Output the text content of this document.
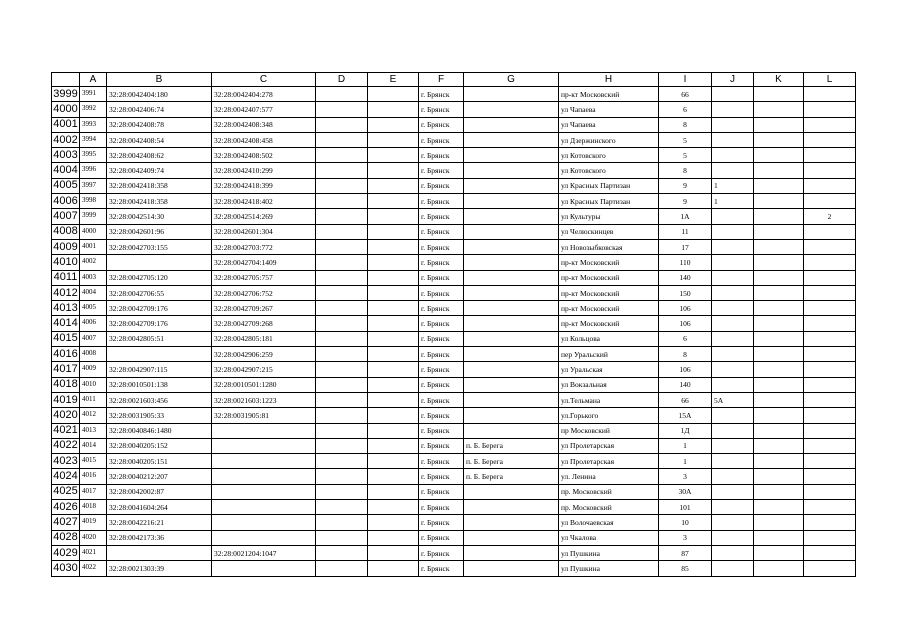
	A	B	C	D	E	F	G	H	I	J	K	L
3999	3991	32:28:0042404:180	32:28:0042404:278			г. Брянск		пр-кт Московский	66			
4000	3992	32:28:0042406:74	32:28:0042407:577			г. Брянск		ул Чапаева	6			
4001	3993	32:28:0042408:78	32:28:0042408:348			г. Брянск		ул Чапаева	8			
4002	3994	32:28:0042408:54	32:28:0042408:458			г. Брянск		ул Дзержинского	5			
4003	3995	32:28:0042408:62	32:28:0042408:502			г. Брянск		ул Котовского	5			
4004	3996	32:28:0042409:74	32:28:0042410:299			г. Брянск		ул Котовского	8			
4005	3997	32:28:0042418:358	32:28:0042418:399			г. Брянск		ул Красных Партизан	9	1		
4006	3998	32:28:0042418:358	32:28:0042418:402			г. Брянск		ул Красных Партизан	9	1		
4007	3999	32:28:0042514:30	32:28:0042514:269			г. Брянск		ул Культуры	1А			2
4008	4000	32:28:0042601:96	32:28:0042601:304			г. Брянск		ул Челюскинцев	11			
4009	4001	32:28:0042703:155	32:28:0042703:772			г. Брянск		ул Новозыбковская	17			
4010	4002		32:28:0042704:1409			г. Брянск		пр-кт Московский	110			
4011	4003	32:28:0042705:120	32:28:0042705:757			г. Брянск		пр-кт Московский	140			
4012	4004	32:28:0042706:55	32:28:0042706:752			г. Брянск		пр-кт Московский	150			
4013	4005	32:28:0042709:176	32:28:0042709:267			г. Брянск		пр-кт Московский	106			
4014	4006	32:28:0042709:176	32:28:0042709:268			г. Брянск		пр-кт Московский	106			
4015	4007	32:28:0042805:51	32:28:0042805:181			г. Брянск		ул Кольцова	6			
4016	4008		32:28:0042906:259			г. Брянск		пер Уральский	8			
4017	4009	32:28:0042907:115	32:28:0042907:215			г. Брянск		ул Уральская	106			
4018	4010	32:28:0010501:138	32:28:0010501:1280			г. Брянск		ул Вокзальная	140			
4019	4011	32:28:0021603:456	32:28:0021603:1223			г. Брянск		ул.Тельмана	66	5А		
4020	4012	32:28:0031905:33	32:28:0031905:81			г. Брянск		ул.Горького	15А			
4021	4013	32:28:0040846:1480				г. Брянск		пр Московский	1Д			
4022	4014	32:28:0040205:152				г. Брянск	п. Б. Берега	ул Пролетарская	1			
4023	4015	32:28:0040205:151				г. Брянск	п. Б. Берега	ул Пролетарская	1			
4024	4016	32:28:0040212:207				г. Брянск	п. Б. Берега	ул. Ленина	3			
4025	4017	32:28:0042002:87				г. Брянск		пр. Московский	30А			
4026	4018	32:28:0041604:264				г. Брянск		пр. Московский	101			
4027	4019	32:28:0042216:21				г. Брянск		ул Волочаевская	10			
4028	4020	32:28:0042173:36				г. Брянск		ул Чкалова	3			
4029	4021		32:28:0021204:1047			г. Брянск		ул Пушкина	87			
4030	4022	32:28:0021303:39				г. Брянск		ул Пушкина	85			
